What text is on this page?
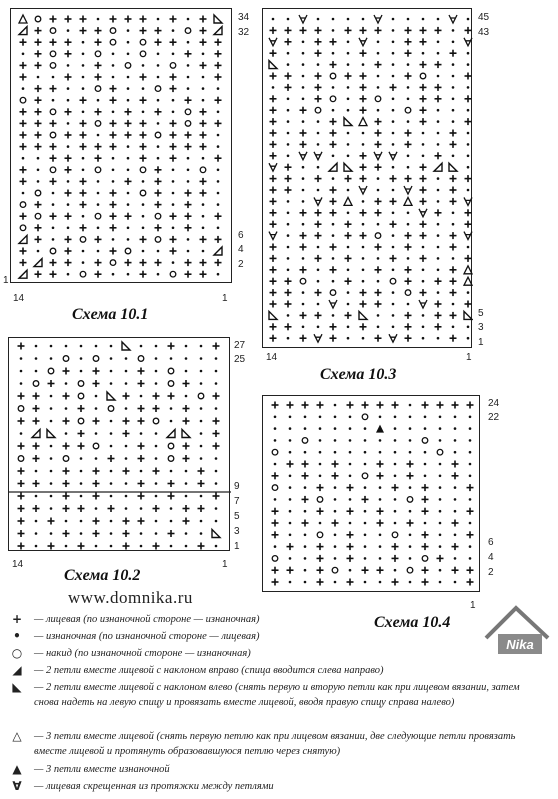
34
32
6
4
2
1
14	1
Схема 10.1
45
43
5
3
1
14	1
Схема 10.3
27
25
9
7
5
3
1
14	1
Схема 10.2
24
22
6
4
2
1
Схема 10.4
www.domnika.ru
Nika
+ — лицевая (по изнаночной стороне — изнаночная)
•	— изнаночная (по изнаночной стороне — лицевая)
○ — накид (по изнаночной стороне — изнаночная)
◢ — 2 петли вместе лицевой с наклоном вправо (спица вводится слева направо)
◣ — 2 петли вместе лицевой с наклоном влево (снять первую и вторую петли как при лицевом вязании, затем снова надеть на левую спицу и провязать вместе лицевой, вводя правую спицу справа налево)
△ — 3 петли вместе лицевой (снять первую петлю как при лицевом вязании, две следующие петли провязать вместе лицевой и протянуть образовавшуюся петлю через снятую)
▲ — 3 петли вместе изнаночной
∀ — лицевая скрещенная из протяжки между петлями
